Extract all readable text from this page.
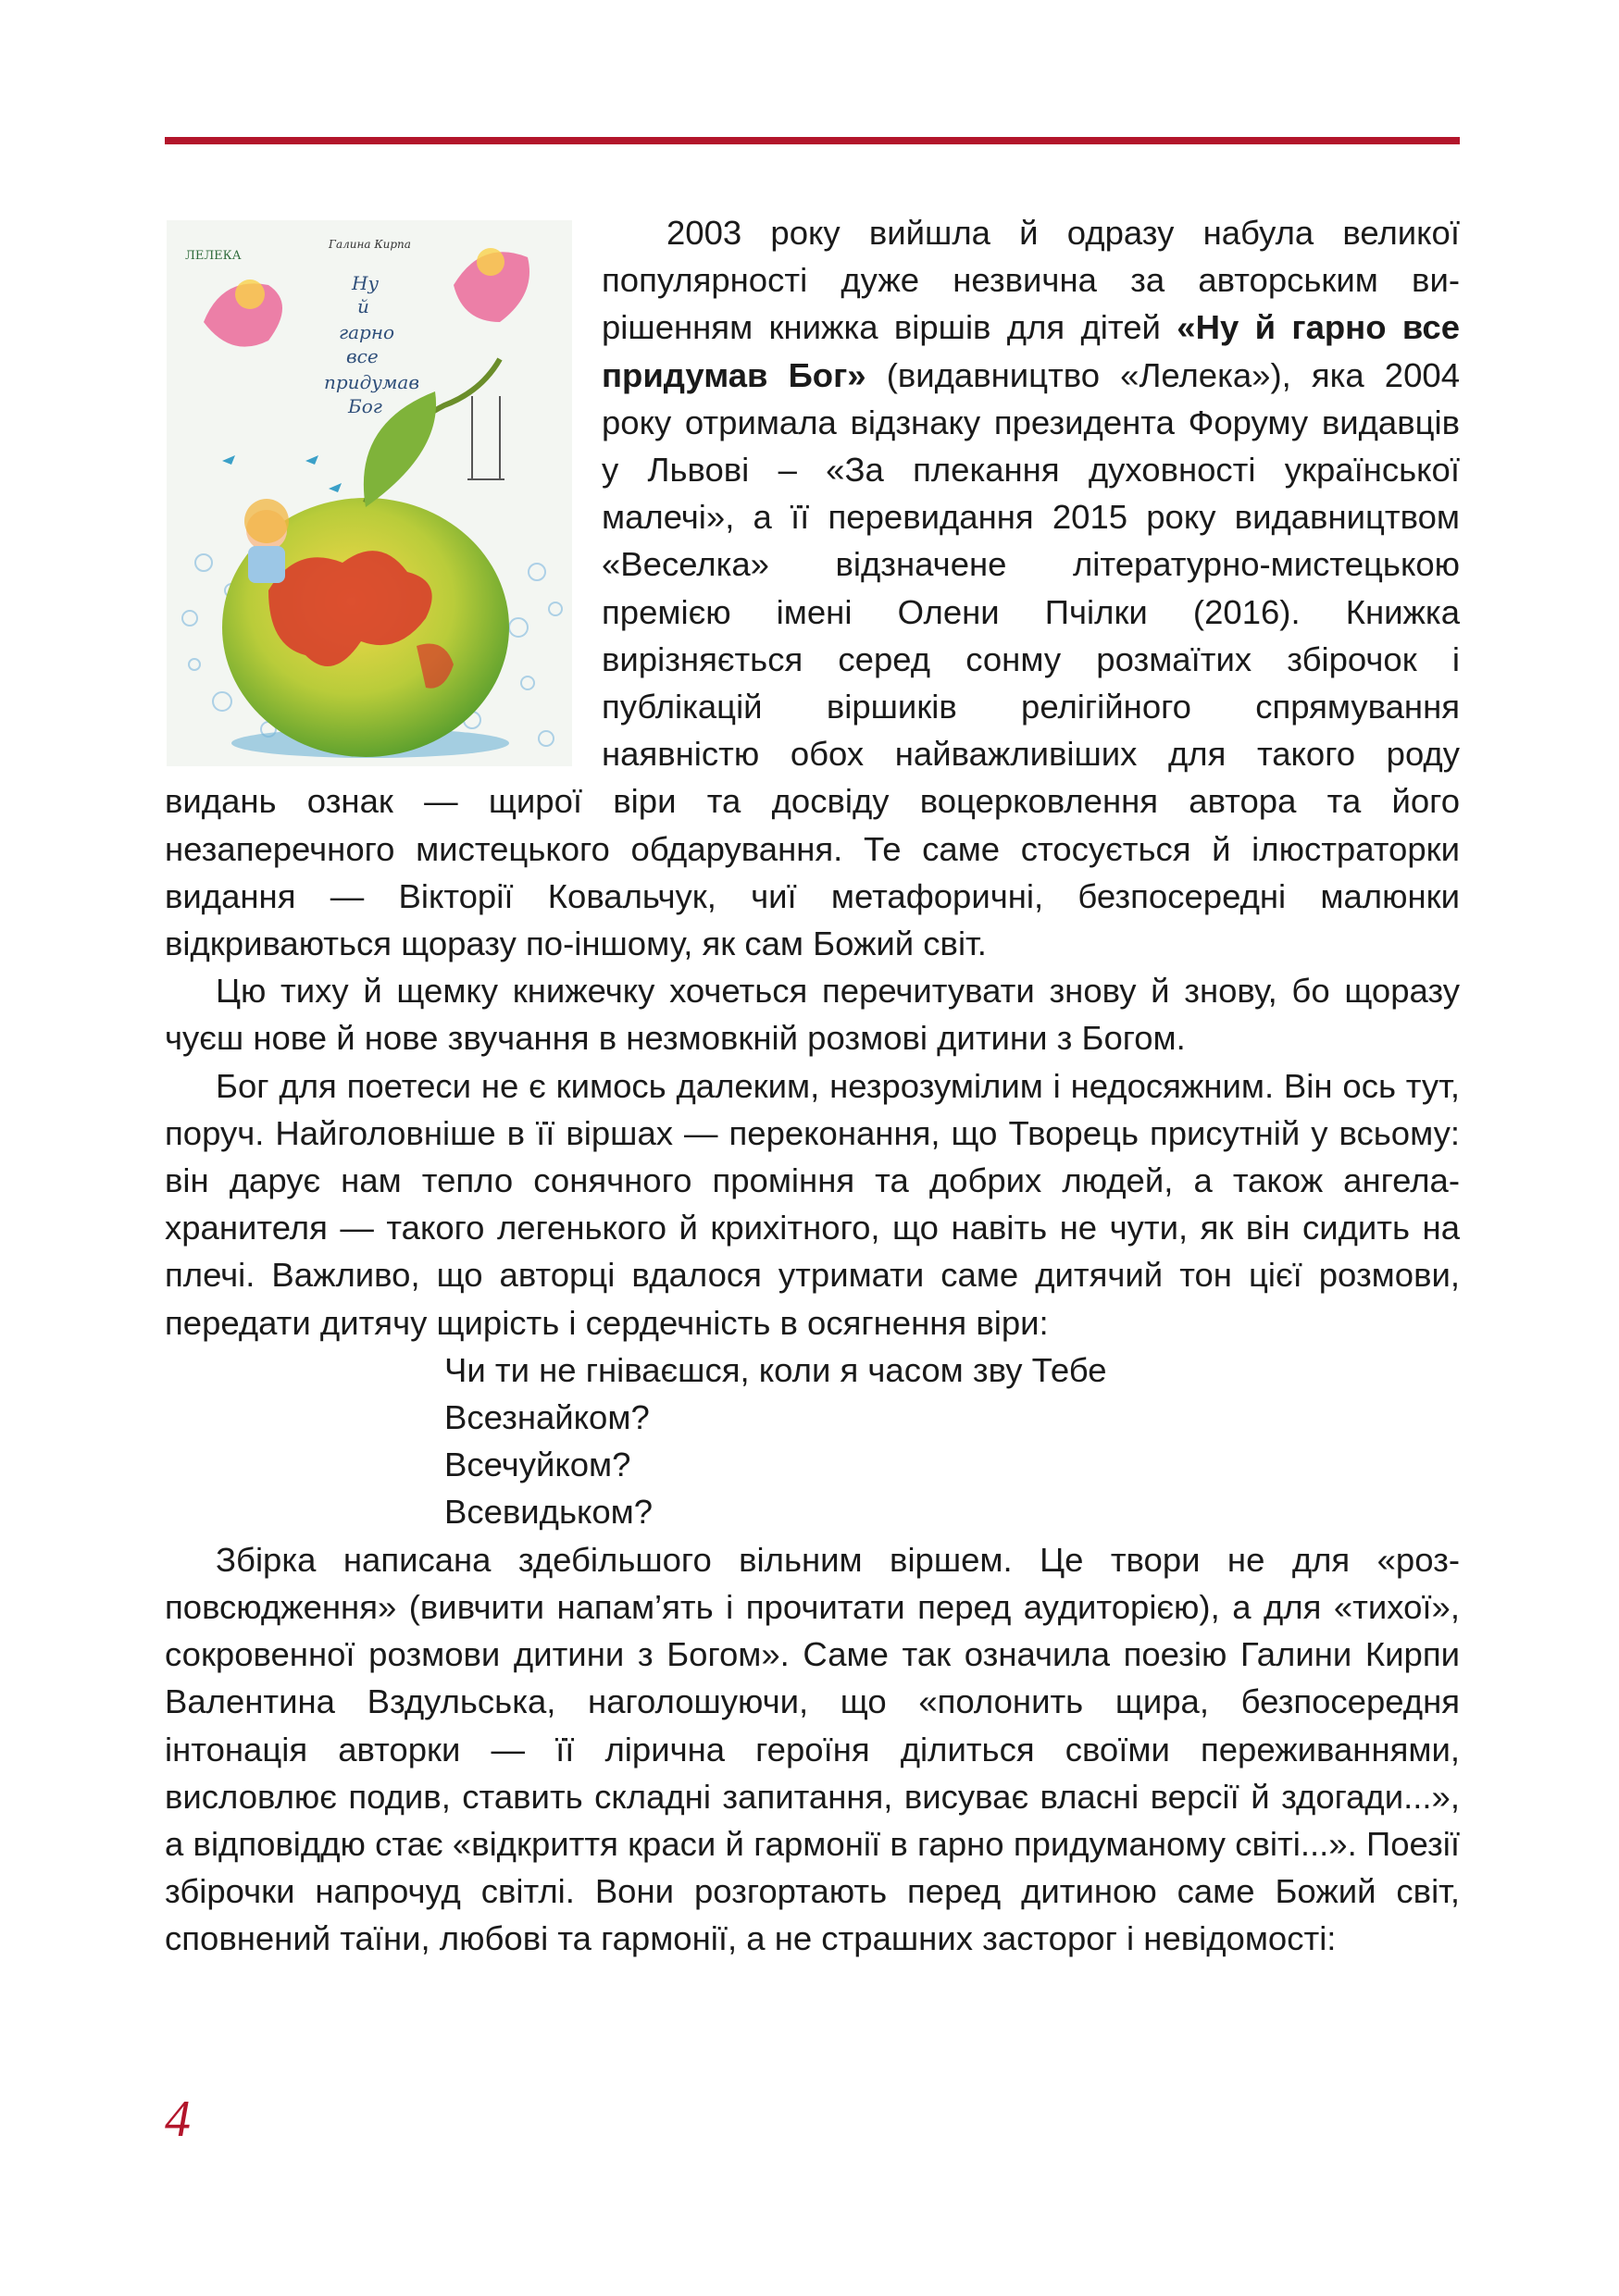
ЛЕЛЕКА
Галина Кирпа
Ну
й
гарно
все
придумав
Бог

2003 року вийшла й одразу набула великої популярності дуже незвична за авторським вирішенням книжка віршів для дітей «Ну й гарно все придумав Бог» (видавництво «Лелека»), яка 2004 року отримала відзнаку президента Форуму видавців у Львові – «За плекання духовності української малечі», а її перевидання 2015 року видавництвом «Веселка» відзначене літературно-мистецькою премією імені Олени Пчілки (2016). Книжка вирізняється серед сонму розмаїтих збірочок і публікацій віршиків релігійного спрямування наявністю обох найважливіших для такого роду видань ознак — щирої віри та досвіду воцерковлення автора та його незаперечного мистецького обдарування. Те саме стосується й ілюстраторки видання — Вікторії Ковальчук, чиї метафоричні, безпосередні малюнки відкриваються щоразу по-іншому, як сам Божий світ.

Цю тиху й щемку книжечку хочеться перечитувати знову й знову, бо щоразу чуєш нове й нове звучання в незмовкній розмові дитини з Богом.

Бог для поетеси не є кимось далеким, незрозумілим і недосяжним. Він ось тут, поруч. Найголовніше в її віршах — переконання, що Творець присутній у всьому: він дарує нам тепло сонячного проміння та добрих людей, а також ангела-хранителя — такого легенького й крихітного, що навіть не чути, як він сидить на плечі. Важливо, що авторці вдалося утримати саме дитячий тон цієї розмови, передати дитячу щирість і сердечність в осягнення віри:

Чи ти не гніваєшся, коли я часом зву Тебе
Всезнайком?
Всечуйком?
Всевидьком?

Збірка написана здебільшого вільним віршем. Це твори не для «розповсюдження» (вивчити напам’ять і прочитати перед аудиторією), а для «тихої», сокровенної розмови дитини з Богом». Саме так означила поезію Галини Кирпи Валентина Вздульська, наголошуючи, що «полонить щира, безпосередня інтонація авторки — її лірична героїня ділиться своїми переживаннями, висловлює подив, ставить складні запитання, висуває власні версії й здогади...», а відповіддю стає «відкриття краси й гармонії в гарно придуманому світі...». Поезії збірочки напрочуд світлі. Вони розгортають перед дитиною саме Божий світ, сповнений таїни, любові та гармонії, а не страшних засторог і невідомості:

4
